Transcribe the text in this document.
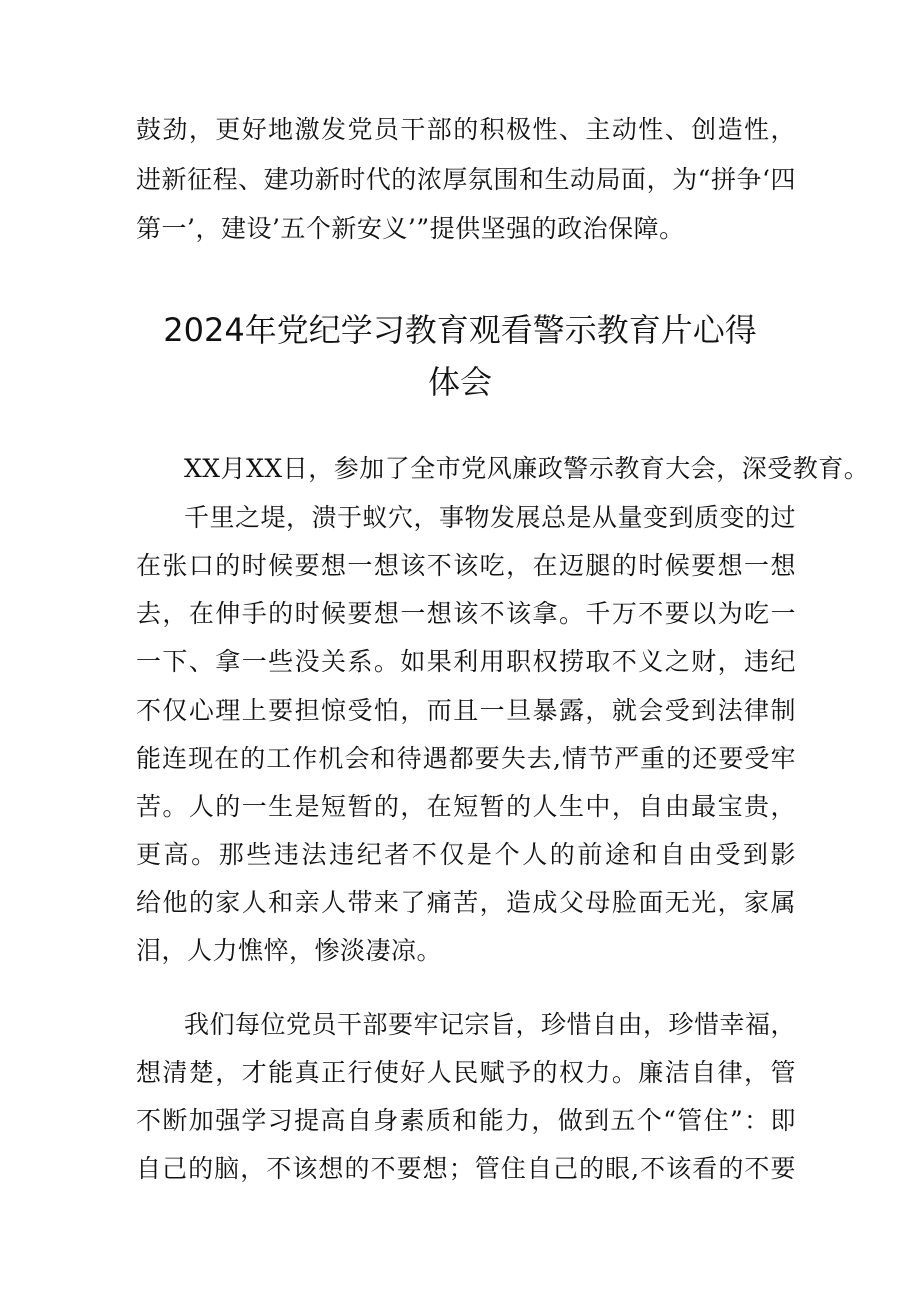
鼓劲，更好地激发党员干部的积极性、主动性、创造性，
进新征程、建功新时代的浓厚氛围和生动局面，为“拼争‘四
第一’，建设’五个新安义’”提供坚强的政治保障。
2024年党纪学习教育观看警示教育片心得
体会
XX月XX日，参加了全市党风廉政警示教育大会，深受教育。
千里之堤，溃于蚁穴，事物发展总是从量变到质变的过
在张口的时候要想一想该不该吃，在迈腿的时候要想一想
去，在伸手的时候要想一想该不该拿。千万不要以为吃一
一下、拿一些没关系。如果利用职权捞取不义之财，违纪
不仅心理上要担惊受怕，而且一旦暴露，就会受到法律制
能连现在的工作机会和待遇都要失去,情节严重的还要受牢
苦。人的一生是短暂的，在短暂的人生中，自由最宝贵，
更高。那些违法违纪者不仅是个人的前途和自由受到影
给他的家人和亲人带来了痛苦，造成父母脸面无光，家属
泪，人力憔悴，惨淡凄凉。
我们每位党员干部要牢记宗旨，珍惜自由，珍惜幸福，
想清楚，才能真正行使好人民赋予的权力。廉洁自律，管
不断加强学习提高自身素质和能力，做到五个“管住”：即
自己的脑，不该想的不要想；管住自己的眼,不该看的不要
